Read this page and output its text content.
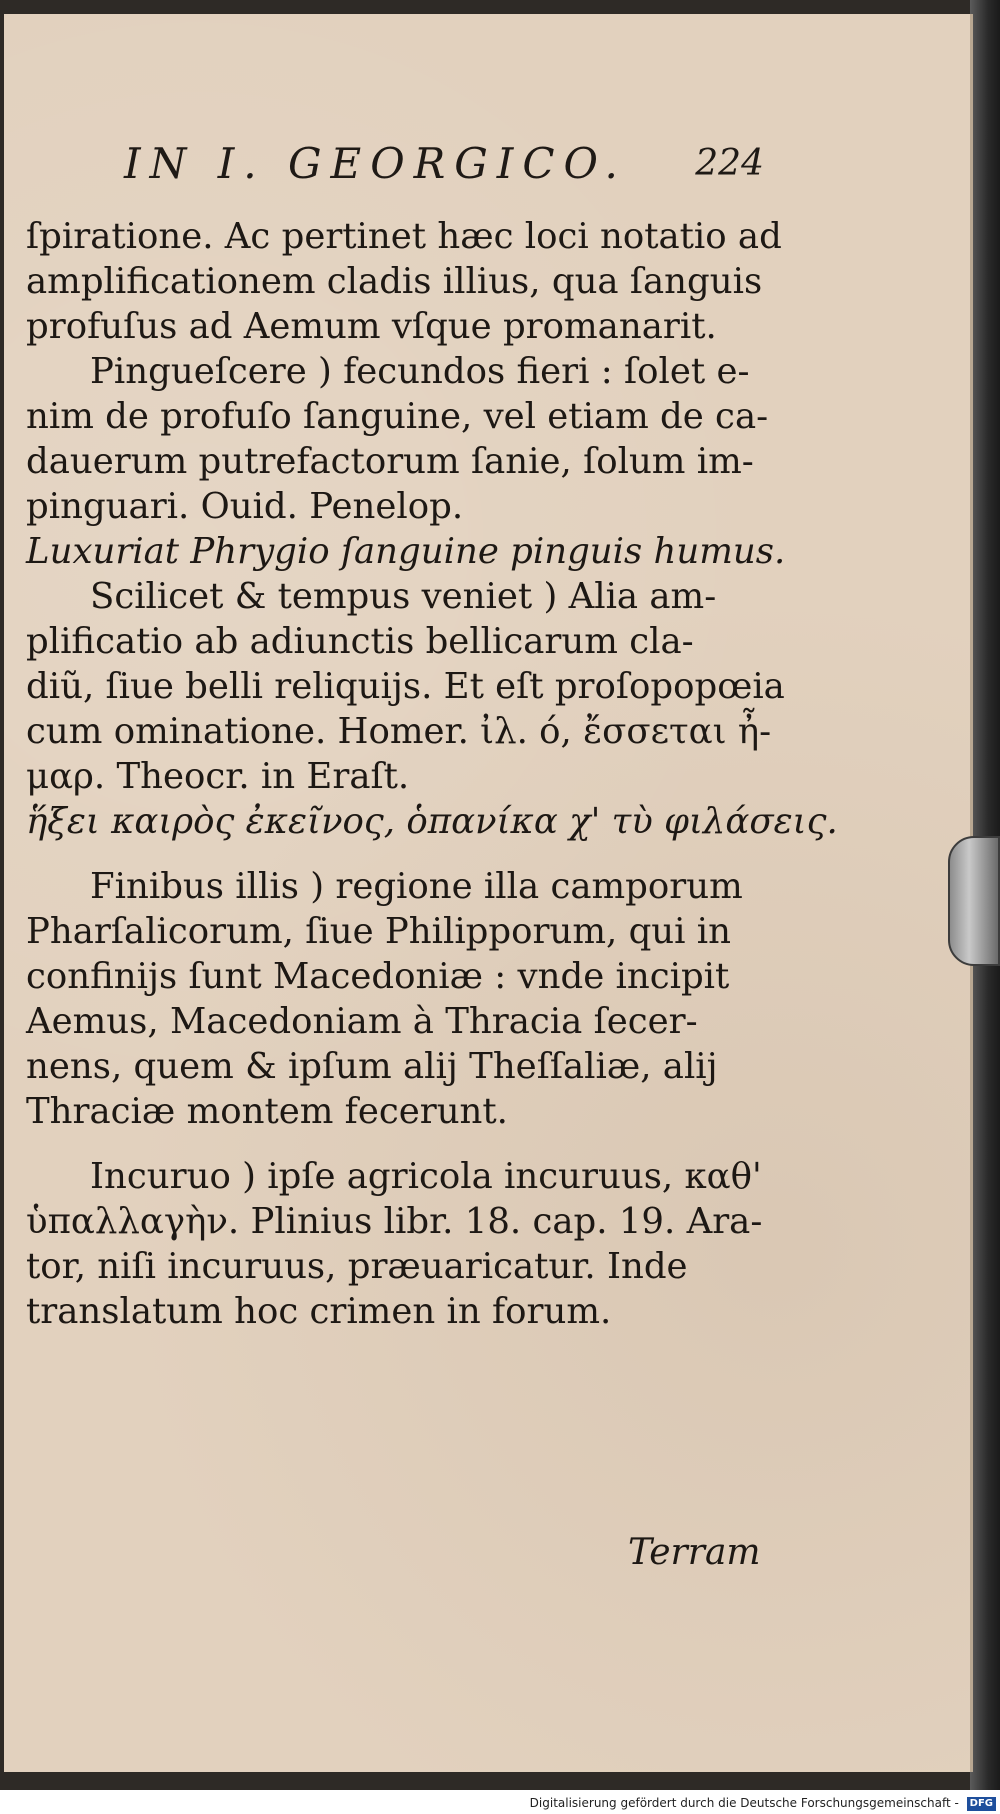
IN I. GEORGICO. 224
ſpiratione. Ac pertinet hæc loci notatio ad
amplificationem cladis illius, qua ſanguis
profuſus ad Aemum vſque promanarit.
Pingueſcere ) fecundos fieri : ſolet e-
nim de profuſo ſanguine, vel etiam de ca-
dauerum putrefactorum ſanie, ſolum im-
pinguari. Ouid. Penelop.
Luxuriat Phrygio ſanguine pinguis humus.
Scilicet & tempus veniet ) Alia am-
plificatio ab adiunctis bellicarum cla-
diũ, ſiue belli reliquijs. Et eſt proſopopœia
cum ominatione. Homer. ἰλ. ό, ἔσσεται ἦ-
μαρ. Theocr. in Eraſt.
ἥξει καιρὸς ἐκεῖνος, ὁπανίκα χ' τὺ φιλάσεις.
Finibus illis ) regione illa camporum
Pharſalicorum, ſiue Philipporum, qui in
confinijs ſunt Macedoniæ : vnde incipit
Aemus, Macedoniam à Thracia ſecer-
nens, quem & ipſum alij Theſſaliæ, alij
Thraciæ montem fecerunt.
Incuruo ) ipſe agricola incuruus, καθ'
ὑπαλλαγὴν. Plinius libr. 18. cap. 19. Ara-
tor, niſi incuruus, præuaricatur. Inde
translatum hoc crimen in forum.
Terram
Digitalisierung gefördert durch die Deutsche Forschungsgemeinschaft - DFG
